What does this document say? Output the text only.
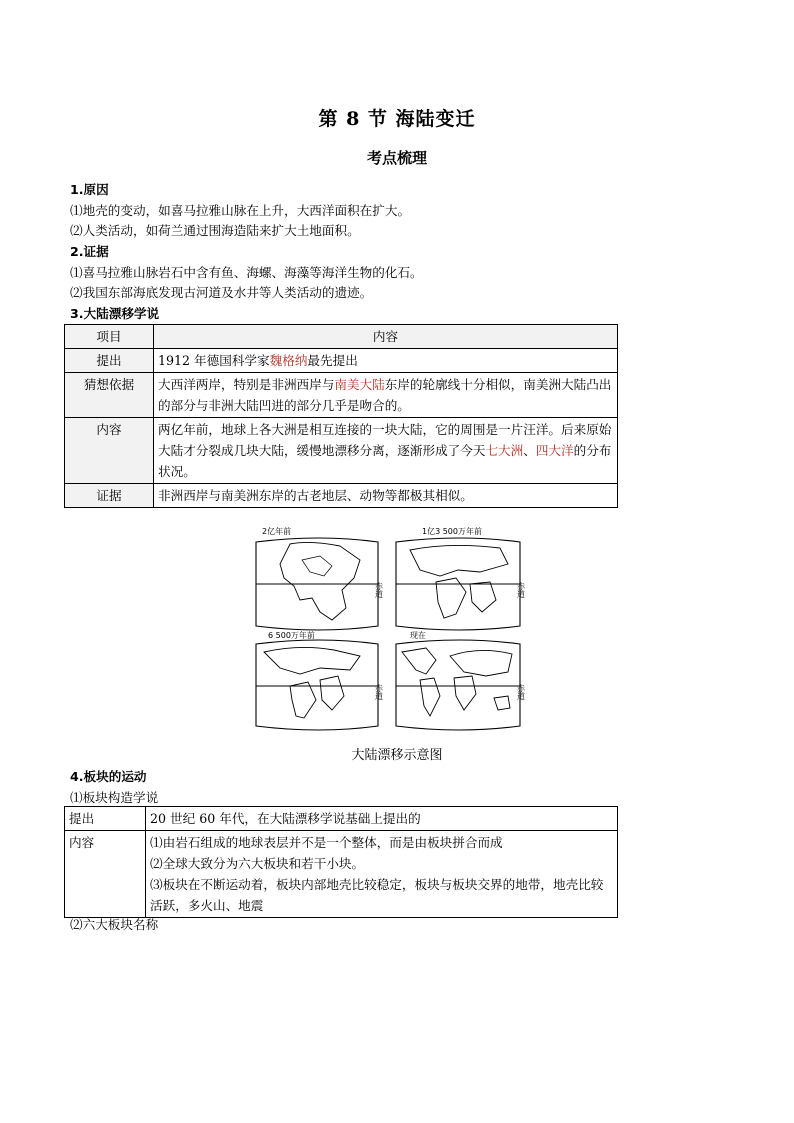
第 8 节 海陆变迁
考点梳理
1.原因
⑴地壳的变动，如喜马拉雅山脉在上升，大西洋面积在扩大。
⑵人类活动，如荷兰通过围海造陆来扩大土地面积。
2.证据
⑴喜马拉雅山脉岩石中含有鱼、海螺、海藻等海洋生物的化石。
⑵我国东部海底发现古河道及水井等人类活动的遗迹。
3.大陆漂移学说
项目	内容
提出	1912 年德国科学家魏格纳最先提出
猜想依据	大西洋两岸，特别是非洲西岸与南美大陆东岸的轮廓线十分相似，南美洲大陆凸出的部分与非洲大陆凹进的部分几乎是吻合的。
内容	两亿年前，地球上各大洲是相互连接的一块大陆，它的周围是一片汪洋。后来原始大陆才分裂成几块大陆，缓慢地漂移分离，逐渐形成了今天七大洲、四大洋的分布状况。
证据	非洲西岸与南美洲东岸的古老地层、动物等都极其相似。
2亿年前
赤道
1亿3 500万年前
赤道
6 500万年前
赤道
现在
赤道
大陆漂移示意图
4.板块的运动
⑴板块构造学说
提出	20 世纪 60 年代，在大陆漂移学说基础上提出的
内容	⑴由岩石组成的地球表层并不是一个整体，而是由板块拼合而成
⑵全球大致分为六大板块和若干小块。
⑶板块在不断运动着，板块内部地壳比较稳定，板块与板块交界的地带，地壳比较活跃，多火山、地震
⑵六大板块名称
